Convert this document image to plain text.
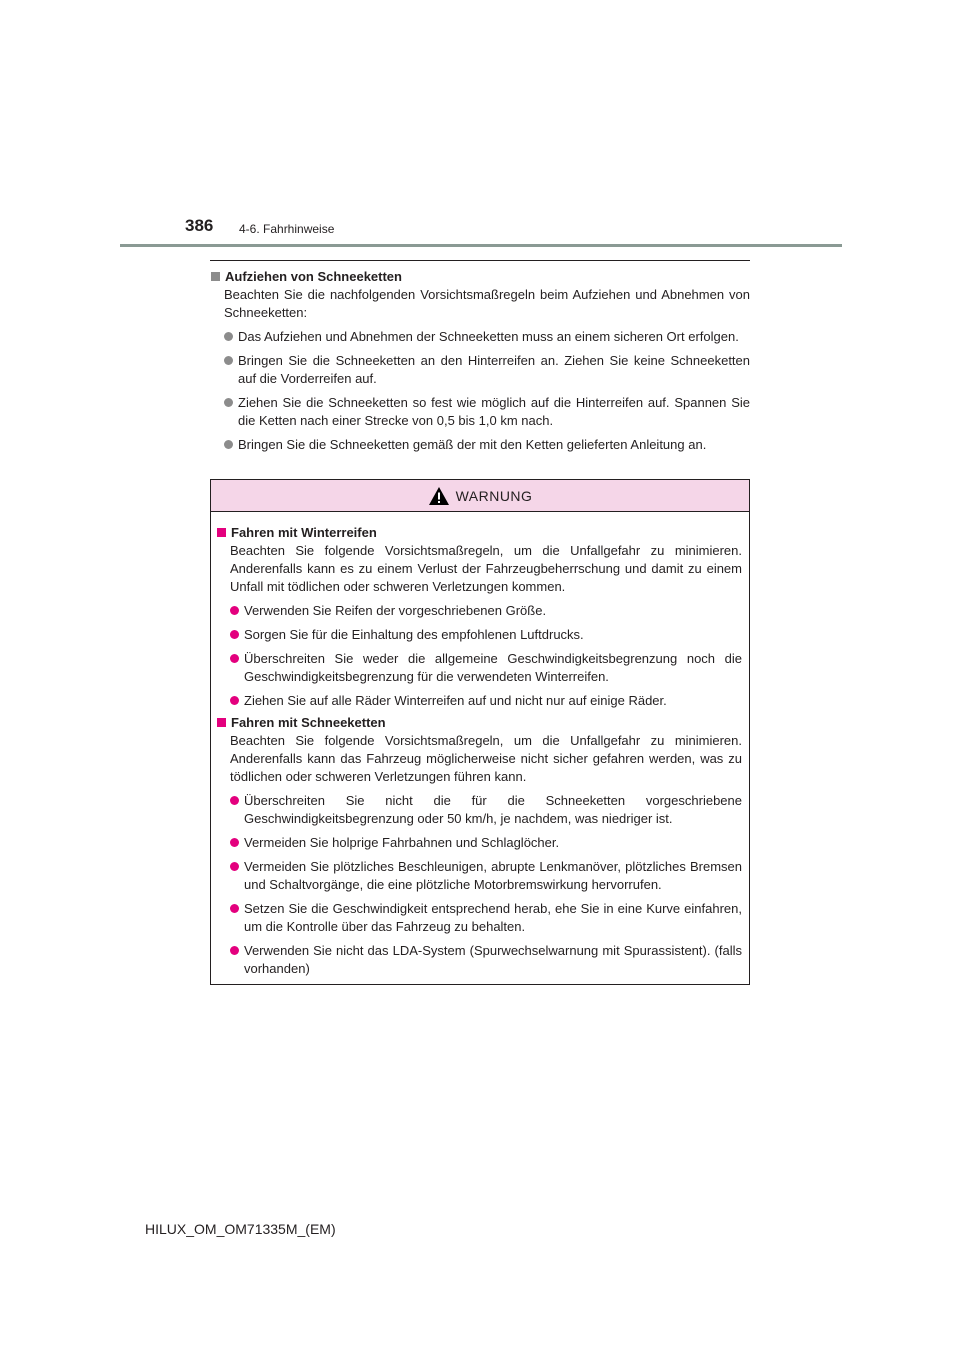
386 4-6. Fahrhinweise
Aufziehen von Schneeketten

Beachten Sie die nachfolgenden Vorsichtsmaßregeln beim Aufziehen und Abnehmen von Schneeketten:

Das Aufziehen und Abnehmen der Schneeketten muss an einem sicheren Ort erfolgen.
Bringen Sie die Schneeketten an den Hinterreifen an. Ziehen Sie keine Schneeketten auf die Vorderreifen auf.
Ziehen Sie die Schneeketten so fest wie möglich auf die Hinterreifen auf. Spannen Sie die Ketten nach einer Strecke von 0,5 bis 1,0 km nach.
Bringen Sie die Schneeketten gemäß der mit den Ketten gelieferten Anleitung an.
WARNUNG
Fahren mit Winterreifen

Beachten Sie folgende Vorsichtsmaßregeln, um die Unfallgefahr zu minimieren. Anderenfalls kann es zu einem Verlust der Fahrzeugbeherrschung und damit zu einem Unfall mit tödlichen oder schweren Verletzungen kommen.

Verwenden Sie Reifen der vorgeschriebenen Größe.
Sorgen Sie für die Einhaltung des empfohlenen Luftdrucks.
Überschreiten Sie weder die allgemeine Geschwindigkeitsbegrenzung noch die Geschwindigkeitsbegrenzung für die verwendeten Winterreifen.
Ziehen Sie auf alle Räder Winterreifen auf und nicht nur auf einige Räder.
Fahren mit Schneeketten

Beachten Sie folgende Vorsichtsmaßregeln, um die Unfallgefahr zu minimieren. Anderenfalls kann das Fahrzeug möglicherweise nicht sicher gefahren werden, was zu tödlichen oder schweren Verletzungen führen kann.

Überschreiten Sie nicht die für die Schneeketten vorgeschriebene Geschwindigkeitsbegrenzung oder 50 km/h, je nachdem, was niedriger ist.
Vermeiden Sie holprige Fahrbahnen und Schlaglöcher.
Vermeiden Sie plötzliches Beschleunigen, abrupte Lenkmanöver, plötzliches Bremsen und Schaltvorgänge, die eine plötzliche Motorbremswirkung hervorrufen.
Setzen Sie die Geschwindigkeit entsprechend herab, ehe Sie in eine Kurve einfahren, um die Kontrolle über das Fahrzeug zu behalten.
Verwenden Sie nicht das LDA-System (Spurwechselwarnung mit Spurassistent). (falls vorhanden)
HILUX_OM_OM71335M_(EM)
